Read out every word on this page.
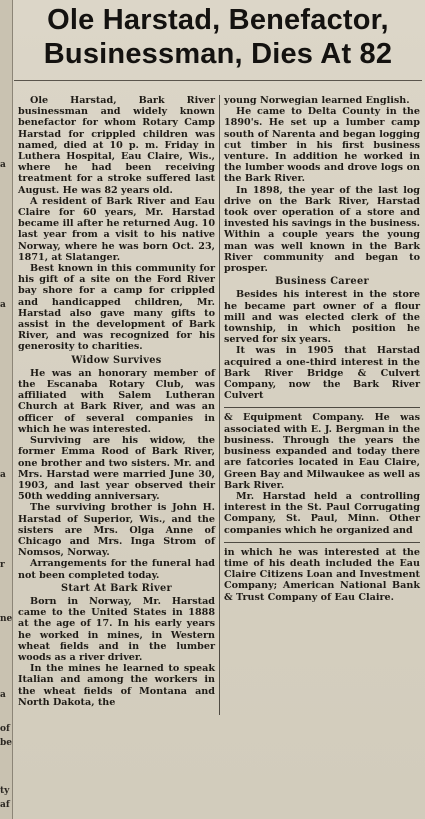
a
a
a
r
a
of
be
ty
af
ne
Ole Harstad, Benefactor, Businessman, Dies At 82

Ole Harstad, Bark River businessman and widely known benefactor for whom Rotary Camp Harstad for crippled children was named, died at 10 p. m. Friday in Luthera Hospital, Eau Claire, Wis., where he had been receiving treatment for a stroke suffered last August. He was 82 years old.

A resident of Bark River and Eau Claire for 60 years, Mr. Harstad became ill after he returned Aug. 10 last year from a visit to his native Norway, where he was born Oct. 23, 1871, at Slatanger.

Best known in this community for his gift of a site on the Ford River bay shore for a camp for crippled and handicapped children, Mr. Harstad also gave many gifts to assist in the development of Bark River, and was recognized for his generosity to charities.

Widow Survives

He was an honorary member of the Escanaba Rotary Club, was affiliated with Salem Lutheran Church at Bark River, and was an officer of several companies in which he was interested.

Surviving are his widow, the former Emma Rood of Bark River, one brother and two sisters. Mr. and Mrs. Harstad were married June 30, 1903, and last year observed their 50th wedding anniversary.

The surviving brother is John H. Harstad of Superior, Wis., and the sisters are Mrs. Olga Anne of Chicago and Mrs. Inga Strom of Nomsos, Norway.

Arrangements for the funeral had not been completed today.

Start At Bark River

Born in Norway, Mr. Harstad came to the United States in 1888 at the age of 17. In his early years he worked in mines, in Western wheat fields and in the lumber woods as a river driver.

In the mines he learned to speak Italian and among the workers in the wheat fields of Montana and North Dakota, the

young Norwegian learned English.

He came to Delta County in the 1890's. He set up a lumber camp south of Narenta and began logging cut timber in his first business venture. In addition he worked in the lumber woods and drove logs on the Bark River.

In 1898, the year of the last log drive on the Bark River, Harstad took over operation of a store and invested his savings in the business. Within a couple years the young man was well known in the Bark River community and began to prosper.

Business Career

Besides his interest in the store he became part owner of a flour mill and was elected clerk of the township, in which position he served for six years.

It was in 1905 that Harstad acquired a one-third interest in the Bark River Bridge & Culvert Company, now the Bark River Culvert

& Equipment Company. He was associated with E. J. Bergman in the business. Through the years the business expanded and today there are fatcories located in Eau Claire, Green Bay and Milwaukee as well as Bark River.

Mr. Harstad held a controlling interest in the St. Paul Corrugating Company, St. Paul, Minn. Other companies which he organized and

in which he was interested at the time of his death included the Eau Claire Citizens Loan and Investment Company; American National Bank & Trust Company of Eau Claire.
